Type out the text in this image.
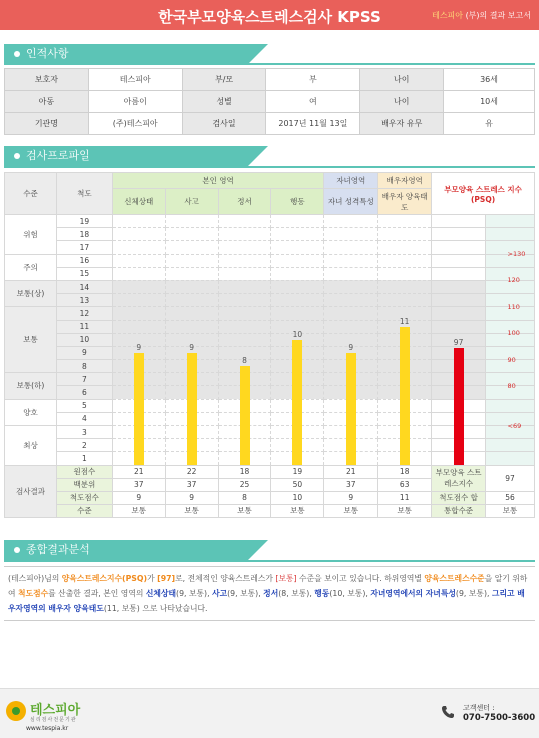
한국부모양육스트레스검사 KPSS	테스피아 (부)의 결과 보고서
인적사항
보호자	테스피아	부/모	부	나이	36세
아동	아름이	성별	여	나이	10세
기관명	(주)테스피아	검사일	2017년 11월 13일	배우자 유무	유
검사프로파일
수준	척도	본인 영역				자녀영역	배우자영역	부모양육 스트레스 지수 (PSQ)	
		신체상태	사고	정서	행동	자녀 성격특성	배우자 양육태도		
위험	19								
	18								
	17								
주의	16								
	15								
보통(상)	14								
	13								
보통	12								
	11								
	10								
	9								
	8								
보통(하)	7								
	6								
양호	5								
	4								
최상	3								
	2								
	1								
검사결과	원점수	21	22	18	19	21	18	부모양육 스트레스지수	97
	백분위	37	37	25	50	37	63		
	척도점수	9	9	8	10	9	11	척도점수 합	56
	수준	보통	보통	보통	보통	보통	보통	통합수준	보통
9	9
8
10
9
11
97
>130
120
110
100
90
80
<69
종합결과분석
(테스피아)님의 양육스트레스지수(PSQ)가 [97]로, 전체적인 양육스트레스가 [보통] 수준을 보이고 있습니다. 하위영역별 양육스트레스수준을 알기 위하여 척도점수를 산출한 결과, 본인 영역의 신체상태(9, 보통), 사고(9, 보통), 정서(8, 보통), 행동(10, 보통), 자녀영역에서의 자녀특성(9, 보통), 그리고 배우자영역의 배우자 양육태도(11, 보통) 으로 나타났습니다.
테스피아
심리검사전문기관
www.tespia.kr
고객센터 :
070-7500-3600
